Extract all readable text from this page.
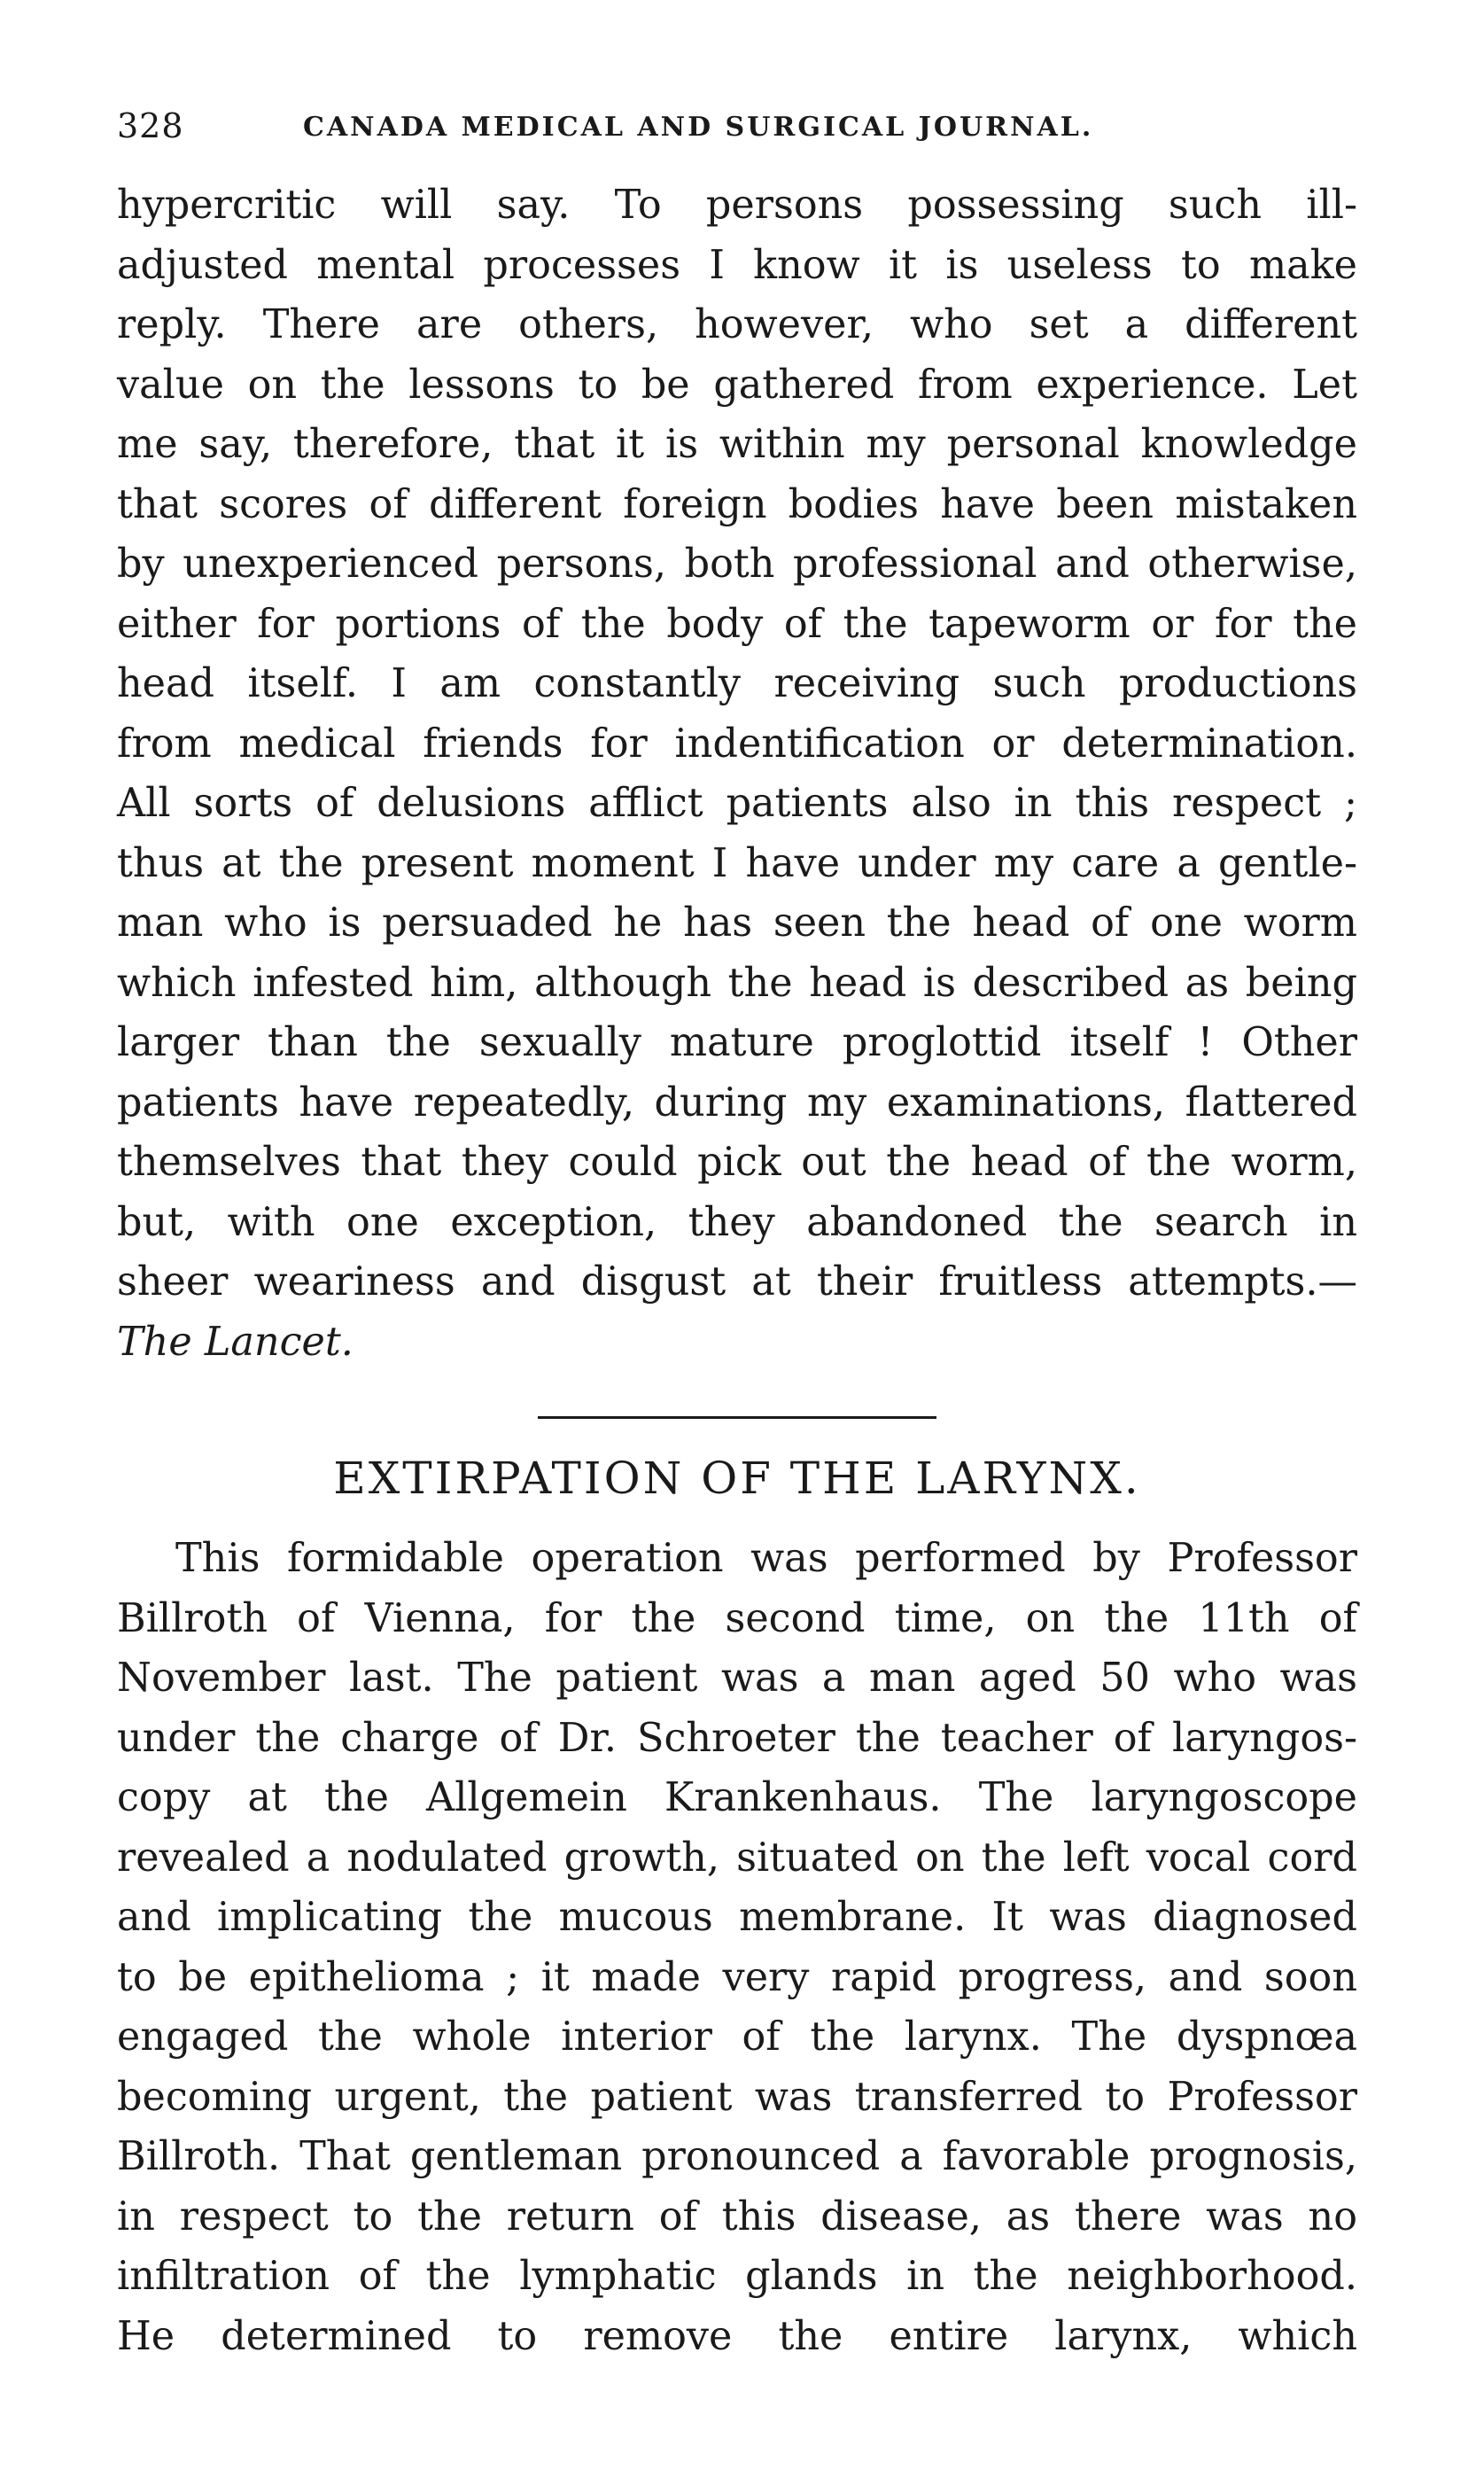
328	CANADA MEDICAL AND SURGICAL JOURNAL.
hypercritic will say. To persons possessing such ill-
adjusted mental processes I know it is useless to make
reply. There are others, however, who set a different
value on the lessons to be gathered from experience. Let
me say, therefore, that it is within my personal knowledge
that scores of different foreign bodies have been mistaken
by unexperienced persons, both professional and otherwise,
either for portions of the body of the tapeworm or for the
head itself. I am constantly receiving such productions
from medical friends for indentification or determination.
All sorts of delusions afflict patients also in this respect ;
thus at the present moment I have under my care a gentle-
man who is persuaded he has seen the head of one worm
which infested him, although the head is described as being
larger than the sexually mature proglottid itself ! Other
patients have repeatedly, during my examinations, flattered
themselves that they could pick out the head of the worm,
but, with one exception, they abandoned the search in
sheer weariness and disgust at their fruitless attempts.—
The Lancet.
EXTIRPATION OF THE LARYNX.
This formidable operation was performed by Professor
Billroth of Vienna, for the second time, on the 11th of
November last. The patient was a man aged 50 who was
under the charge of Dr. Schroeter the teacher of laryngos-
copy at the Allgemein Krankenhaus. The laryngoscope
revealed a nodulated growth, situated on the left vocal cord
and implicating the mucous membrane. It was diagnosed
to be epithelioma ; it made very rapid progress, and soon
engaged the whole interior of the larynx. The dyspnœa
becoming urgent, the patient was transferred to Professor
Billroth. That gentleman pronounced a favorable prognosis,
in respect to the return of this disease, as there was no
infiltration of the lymphatic glands in the neighborhood.
He determined to remove the entire larynx, which
